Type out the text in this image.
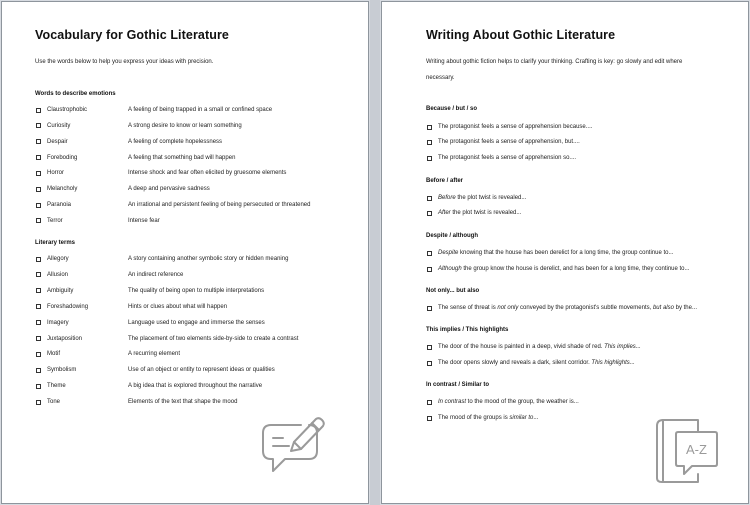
Vocabulary for Gothic Literature
Use the words below to help you express your ideas with precision.
Words to describe emotions
Claustrophobic	A feeling of being trapped in a small or confined space
Curiosity	A strong desire to know or learn something
Despair	A feeling of complete hopelessness
Foreboding	A feeling that something bad will happen
Horror	Intense shock and fear often elicited by gruesome elements
Melancholy	A deep and pervasive sadness
Paranoia	An irrational and persistent feeling of being persecuted or threatened
Terror	Intense fear
Literary terms
Allegory	A story containing another symbolic story or hidden meaning
Allusion	An indirect reference
Ambiguity	The quality of being open to multiple interpretations
Foreshadowing	Hints or clues about what will happen
Imagery	Language used to engage and immerse the senses
Juxtaposition	The placement of two elements side-by-side to create a contrast
Motif	A recurring element
Symbolism	Use of an object or entity to represent ideas or qualities
Theme	A big idea that is explored throughout the narrative
Tone	Elements of the text that shape the mood
Writing About Gothic Literature
Writing about gothic fiction helps to clarify your thinking. Crafting is key: go slowly and edit where
necessary.
Because / but / so
The protagonist feels a sense of apprehension because....
The protagonist feels a sense of apprehension, but....
The protagonist feels a sense of apprehension so....
Before / after
Before the plot twist is revealed...
After the plot twist is revealed...
Despite / although
Despite knowing that the house has been derelict for a long time, the group continue to...
Although the group know the house is derelict, and has been for a long time, they continue to...
Not only... but also
The sense of threat is not only conveyed by the protagonist's subtle movements, but also by the...
This implies / This highlights
The door of the house is painted in a deep, vivid shade of red. This implies...
The door opens slowly and reveals a dark, silent corridor. This highlights...
In contrast / Similar to
In contrast to the mood of the group, the weather is...
The mood of the groups is similar to...
A-Z
